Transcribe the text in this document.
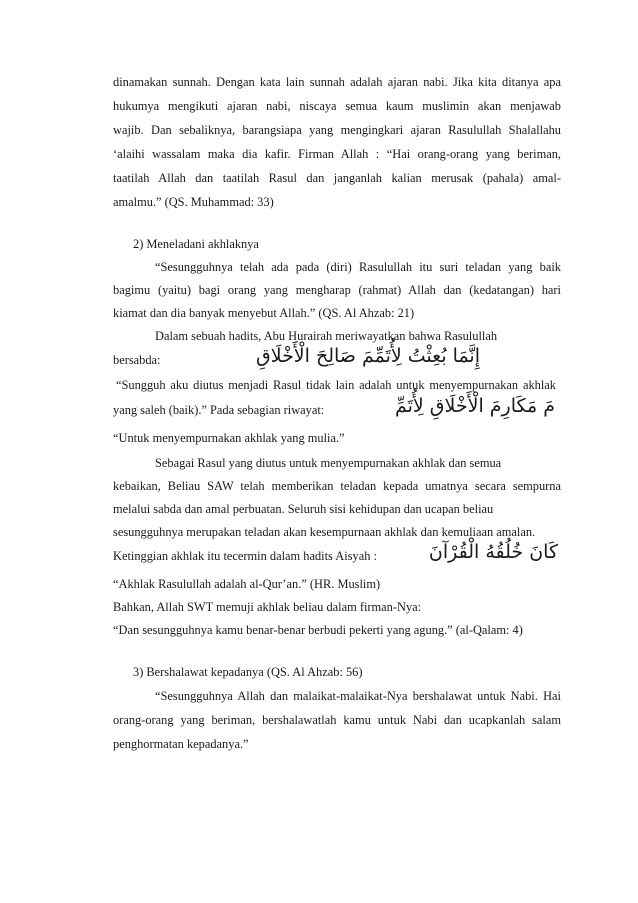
dinamakan sunnah. Dengan kata lain sunnah adalah ajaran nabi. Jika kita ditanya apa
hukumya mengikuti ajaran nabi, niscaya semua kaum muslimin akan menjawab
wajib. Dan sebaliknya, barangsiapa yang mengingkari ajaran Rasulullah Shalallahu
‘alaihi wassalam maka dia kafir. Firman Allah : “Hai orang-orang yang beriman,
taatilah Allah dan taatilah Rasul dan janganlah kalian merusak (pahala) amal-
amalmu.” (QS. Muhammad: 33)
2) Meneladani akhlaknya
“Sesungguhnya telah ada pada (diri) Rasulullah itu suri teladan yang baik
bagimu (yaitu) bagi orang yang mengharap (rahmat) Allah dan (kedatangan) hari
kiamat dan dia banyak menyebut Allah.” (QS. Al Ahzab: 21)
Dalam sebuah hadits, Abu Hurairah meriwayatkan bahwa Rasulullah
bersabda:	إِنَّمَا بُعِثْتُ لِأُتَمِّمَ صَالِحَ الْأَخْلَاقِ
“Sungguh aku diutus menjadi Rasul tidak lain adalah untuk menyempurnakan akhlak
yang saleh (baik).” Pada sebagian riwayat:	مَ مَكَارِمَ الْأَخْلَاقِ لِأُتَمِّ
“Untuk menyempurnakan akhlak yang mulia.”
Sebagai Rasul yang diutus untuk menyempurnakan akhlak dan semua
kebaikan, Beliau SAW telah memberikan teladan kepada umatnya secara sempurna
melalui sabda dan amal perbuatan. Seluruh sisi kehidupan dan ucapan beliau
sesungguhnya merupakan teladan akan kesempurnaan akhlak dan kemuliaan amalan.
Ketinggian akhlak itu tecermin dalam hadits Aisyah :	كَانَ خُلُقُهُ الْقُرْآنَ
“Akhlak Rasulullah adalah al-Qur’an.” (HR. Muslim)
Bahkan, Allah SWT memuji akhlak beliau dalam firman-Nya:
“Dan sesungguhnya kamu benar-benar berbudi pekerti yang agung.” (al-Qalam: 4)
3) Bershalawat kepadanya (QS. Al Ahzab: 56)
“Sesungguhnya Allah dan malaikat-malaikat-Nya bershalawat untuk Nabi. Hai
orang-orang yang beriman, bershalawatlah kamu untuk Nabi dan ucapkanlah salam
penghormatan kepadanya.”
